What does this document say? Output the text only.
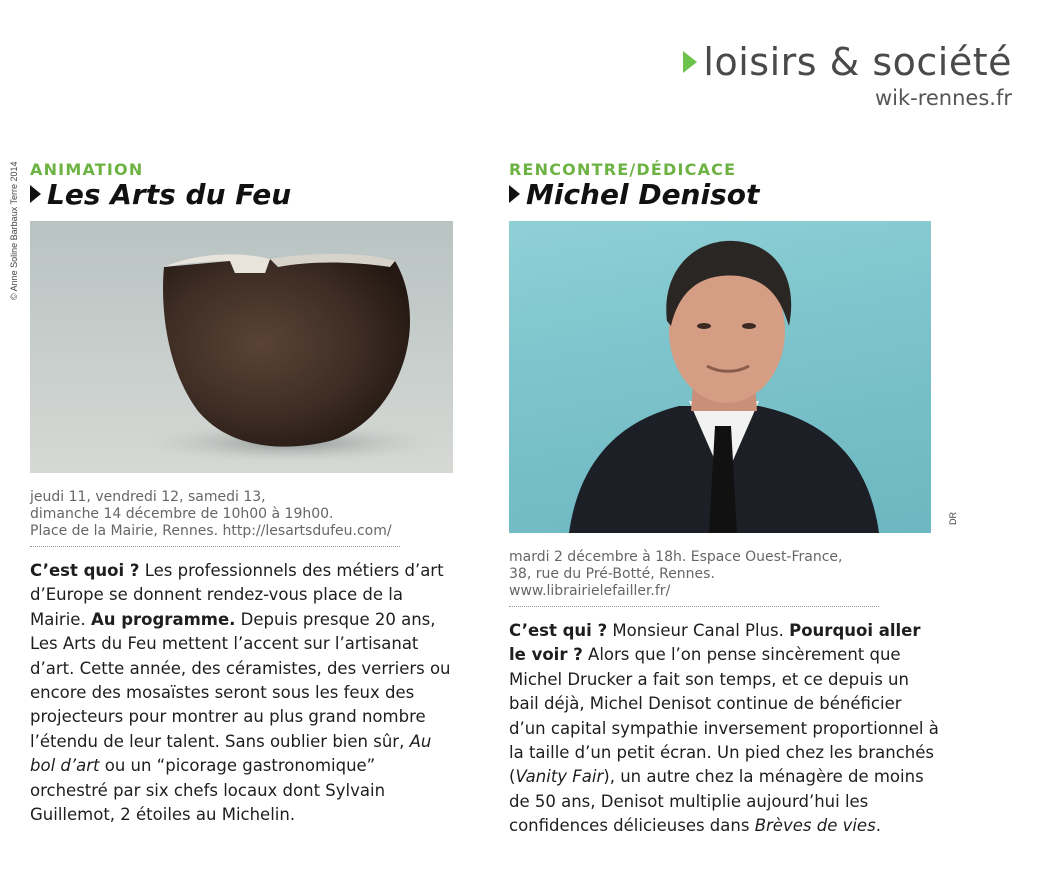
loisirs & société
wik-rennes.fr

ANIMATION

Les Arts du Feu
jeudi 11, vendredi 12, samedi 13,
dimanche 14 décembre de 10h00 à 19h00.
Place de la Mairie, Rennes. http://lesartsdufeu.com/

C’est quoi ? Les professionnels des métiers d’art d’Europe se donnent rendez-vous place de la Mairie. Au programme. Depuis presque 20 ans, Les Arts du Feu mettent l’accent sur l’artisanat d’art. Cette année, des céramistes, des verriers ou encore des mosaïstes seront sous les feux des projecteurs pour montrer au plus grand nombre l’étendu de leur talent. Sans oublier bien sûr, Au bol d’art ou un “picorage gastronomique” orchestré par six chefs locaux dont Sylvain Guillemot, 2 étoiles au Michelin.

© Anne Soline Barbaux Terre 2014	RENCONTRE/DÉDICACE

Michel Denisot
mardi 2 décembre à 18h. Espace Ouest-France,
38, rue du Pré-Botté, Rennes. www.librairielefailler.fr/

C’est qui ? Monsieur Canal Plus. Pourquoi aller le voir ? Alors que l’on pense sincèrement que Michel Drucker a fait son temps, et ce depuis un bail déjà, Michel Denisot continue de bénéficier d’un capital sympathie inversement proportionnel à la taille d’un petit écran. Un pied chez les branchés (Vanity Fair), un autre chez la ménagère de moins de 50 ans, Denisot multiplie aujourd’hui les confidences délicieuses dans Brèves de vies.

DR
